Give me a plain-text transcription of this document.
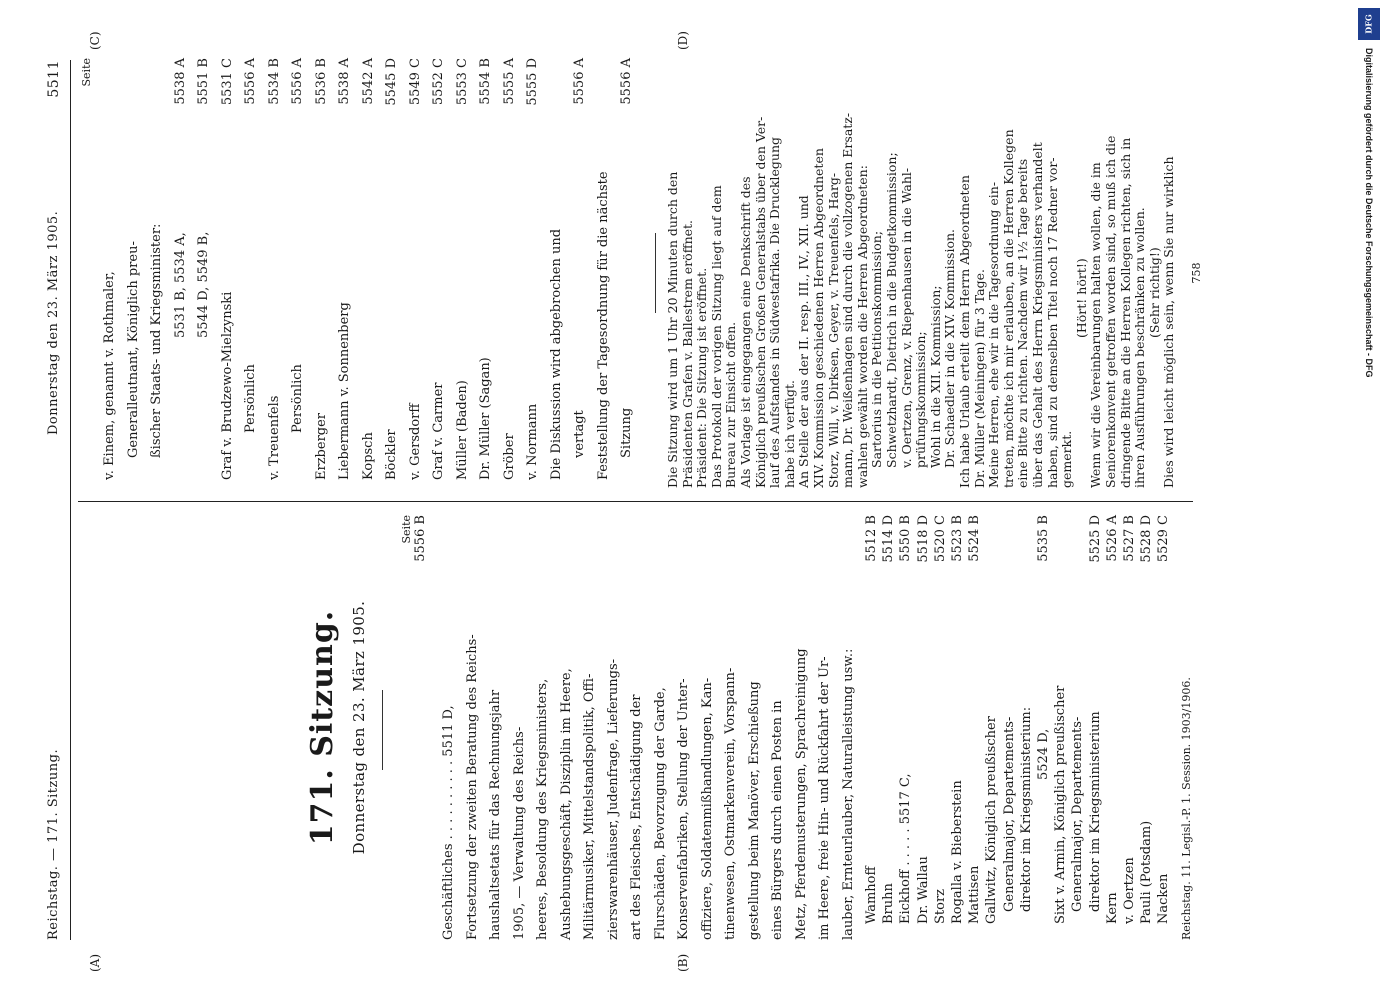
Reichstag. — 171. Sitzung.
Donnerstag den 23. März 1905.
5511
(A)	(B)
(C)	(D)
171. Sitzung. Donnerstag den 23. März 1905.
Seite 5556 B
Geschäftliches . . . . . . . . . . 5511 D, Fortsetzung der zweiten Beratung des Reichs- haushaltsetats für das Rechnungsjahr 1905, — Verwaltung des Reichs- heeres, Besoldung des Kriegsministers, Aushebungsgeschäft, Disziplin im Heere, Militärmusiker, Mittelstandspolitik, Offi- zierswarenhäuser, Judenfrage, Lieferungs- art des Fleisches, Entschädigung der Flurschäden, Bevorzugung der Garde, Konservenfabriken, Stellung der Unter- offiziere, Soldatenmißhandlungen, Kan- tinenwesen, Ostmarkenverein, Vorspann- gestellung beim Manöver, Erschießung eines Bürgers durch einen Posten in Metz, Pferdemusterungen, Sprachreinigung im Heere, freie Hin- und Rückfahrt der Ur- lauber, Ernteurlauber, Naturalleistung usw.: Wamhoff
5512 B
Bruhn
5514 D
Eickhoff . . . . . 5517 C,
5550 B
Dr. Wallau
5518 D
Storz
5520 C
Rogalla v. Bieberstein
5523 B
Mattisen
5524 B
Gallwitz, Königlich preußischer Generalmajor, Departements- direktor im Kriegsministerium: 5524 D,
5535 B
Sixt v. Armin, Königlich preußischer Generalmajor, Departements- direktor im Kriegsministerium
5525 D
Kern
5526 A
v. Oertzen
5527 B
Pauli (Potsdam)
5528 D
Nacken
5529 C
Reichstag. 11. Legisl.-P. 1. Session. 1903/1906.
Seite
v. Einem, genannt v. Rothmaler, Generalleutnant, Königlich preu- ßischer Staats- und Kriegsminister: 5531 B, 5534 A,
5538 A
5544 D, 5549 B,
5551 B
Graf v. Brudzewo-Mielzynski
5531 C
Persönlich
5556 A
v. Treuenfels
5534 B
Persönlich
5556 A
Erzberger
5536 B
Liebermann v. Sonnenberg
5538 A
Kopsch
5542 A
Böckler
5545 D
v. Gersdorff
5549 C
Graf v. Carmer
5552 C
Müller (Baden)
5553 C
Dr. Müller (Sagan)
5554 B
Gröber
5555 A
v. Normann
5555 D
Die Diskussion wird abgebrochen und vertagt
5556 A
Feststellung der Tagesordnung für die nächste Sitzung
5556 A
Die Sitzung wird um 1 Uhr 20 Minuten durch den Präsidenten Grafen v. Ballestrem eröffnet. Präsident: Die Sitzung ist eröffnet. Das Protokoll der vorigen Sitzung liegt auf dem Bureau zur Einsicht offen. Als Vorlage ist eingegangen eine Denkschrift des Königlich preußischen Großen Generalstabs über den Ver- lauf des Aufstandes in Südwestafrika. Die Drucklegung habe ich verfügt. An Stelle der aus der II. resp. III., IV., XII. und XIV. Kommission geschiedenen Herren Abgeordneten Storz, Will, v. Dirksen, Geyer, v. Treuenfels, Harg- mann, Dr. Weißenhagen sind durch die vollzogenen Ersatz- wahlen gewählt worden die Herren Abgeordneten: Sartorius in die Petitionskommission; Schwetzhardt, Dietrich in die Budgetkommission; v. Oertzen, Grenz, v. Riepenhausen in die Wahl- prüfungskommission; Wohl in die XII. Kommission; Dr. Schaedler in die XIV. Kommission. Ich habe Urlaub erteilt dem Herrn Abgeordneten Dr. Müller (Meiningen) für 3 Tage. Meine Herren, ehe wir in die Tagesordnung ein- treten, möchte ich mir erlauben, an die Herren Kollegen eine Bitte zu richten. Nachdem wir 1½ Tage bereits über das Gehalt des Herrn Kriegsministers verhandelt haben, sind zu demselben Titel noch 17 Redner vor- gemerkt.
(Hört! hört!) Wenn wir die Vereinbarungen halten wollen, die im Seniorenkonvent getroffen worden sind, so muß ich die dringende Bitte an die Herren Kollegen richten, sich in ihren Ausführungen beschränken zu wollen. (Sehr richtig!) Dies wird leicht möglich sein, wenn Sie nur wirklich 758
DFG
Digitalisierung gefördert durch die Deutsche Forschungsgemeinschaft - DFG
